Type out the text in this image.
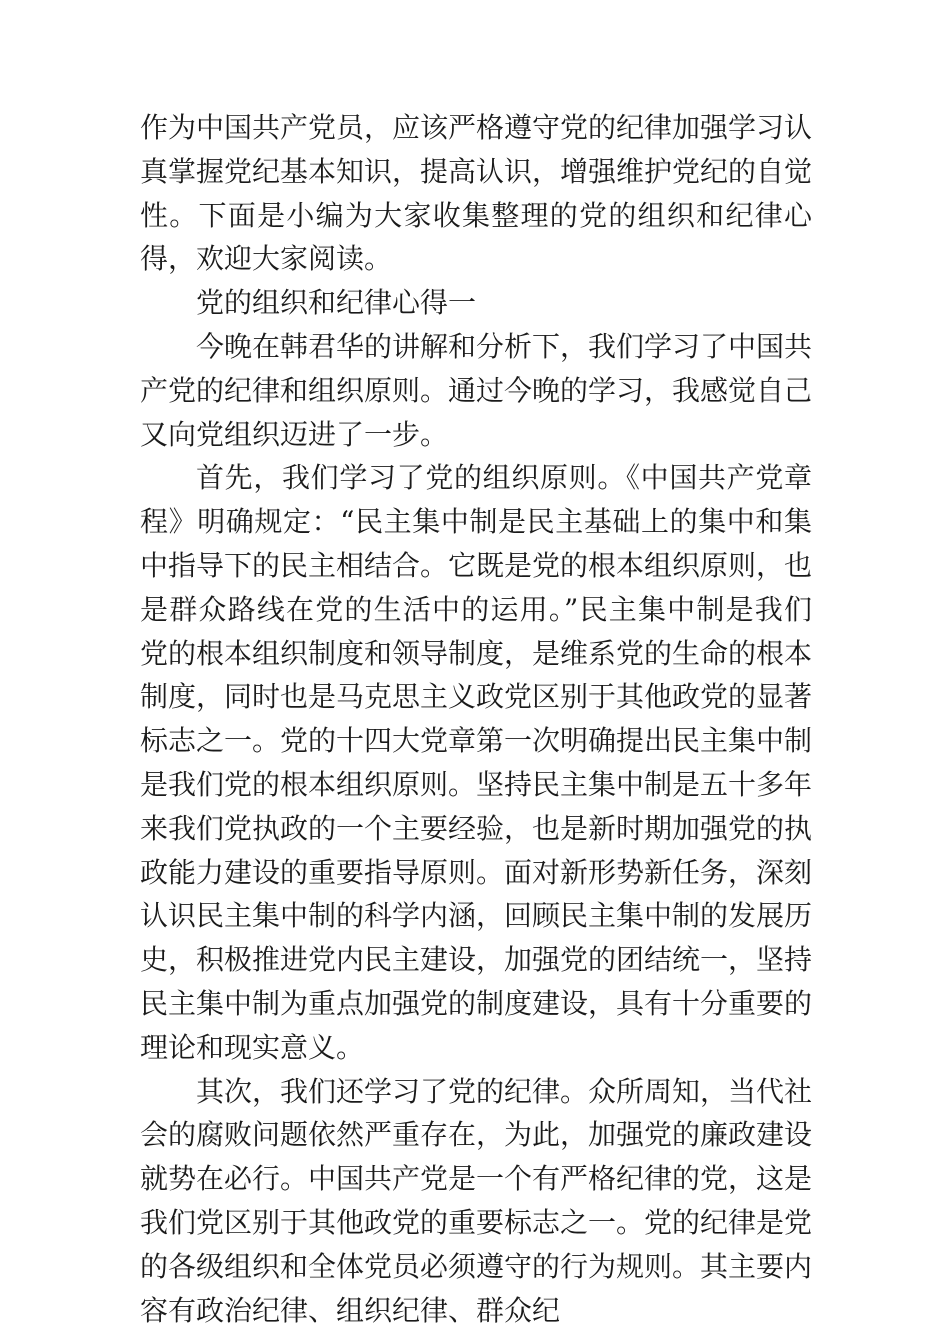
作为中国共产党员，应该严格遵守党的纪律加强学习认真掌握党纪基本知识，提高认识，增强维护党纪的自觉性。下面是小编为大家收集整理的党的组织和纪律心得，欢迎大家阅读。

党的组织和纪律心得一

今晚在韩君华的讲解和分析下，我们学习了中国共产党的纪律和组织原则。通过今晚的学习，我感觉自己又向党组织迈进了一步。

首先，我们学习了党的组织原则。《中国共产党章程》明确规定：“民主集中制是民主基础上的集中和集中指导下的民主相结合。它既是党的根本组织原则，也是群众路线在党的生活中的运用。”民主集中制是我们党的根本组织制度和领导制度，是维系党的生命的根本制度，同时也是马克思主义政党区别于其他政党的显著标志之一。党的十四大党章第一次明确提出民主集中制是我们党的根本组织原则。坚持民主集中制是五十多年来我们党执政的一个主要经验，也是新时期加强党的执政能力建设的重要指导原则。面对新形势新任务，深刻认识民主集中制的科学内涵，回顾民主集中制的发展历史，积极推进党内民主建设，加强党的团结统一，坚持民主集中制为重点加强党的制度建设，具有十分重要的理论和现实意义。

其次，我们还学习了党的纪律。众所周知，当代社会的腐败问题依然严重存在，为此，加强党的廉政建设就势在必行。中国共产党是一个有严格纪律的党，这是我们党区别于其他政党的重要标志之一。党的纪律是党的各级组织和全体党员必须遵守的行为规则。其主要内容有政治纪律、组织纪律、群众纪
